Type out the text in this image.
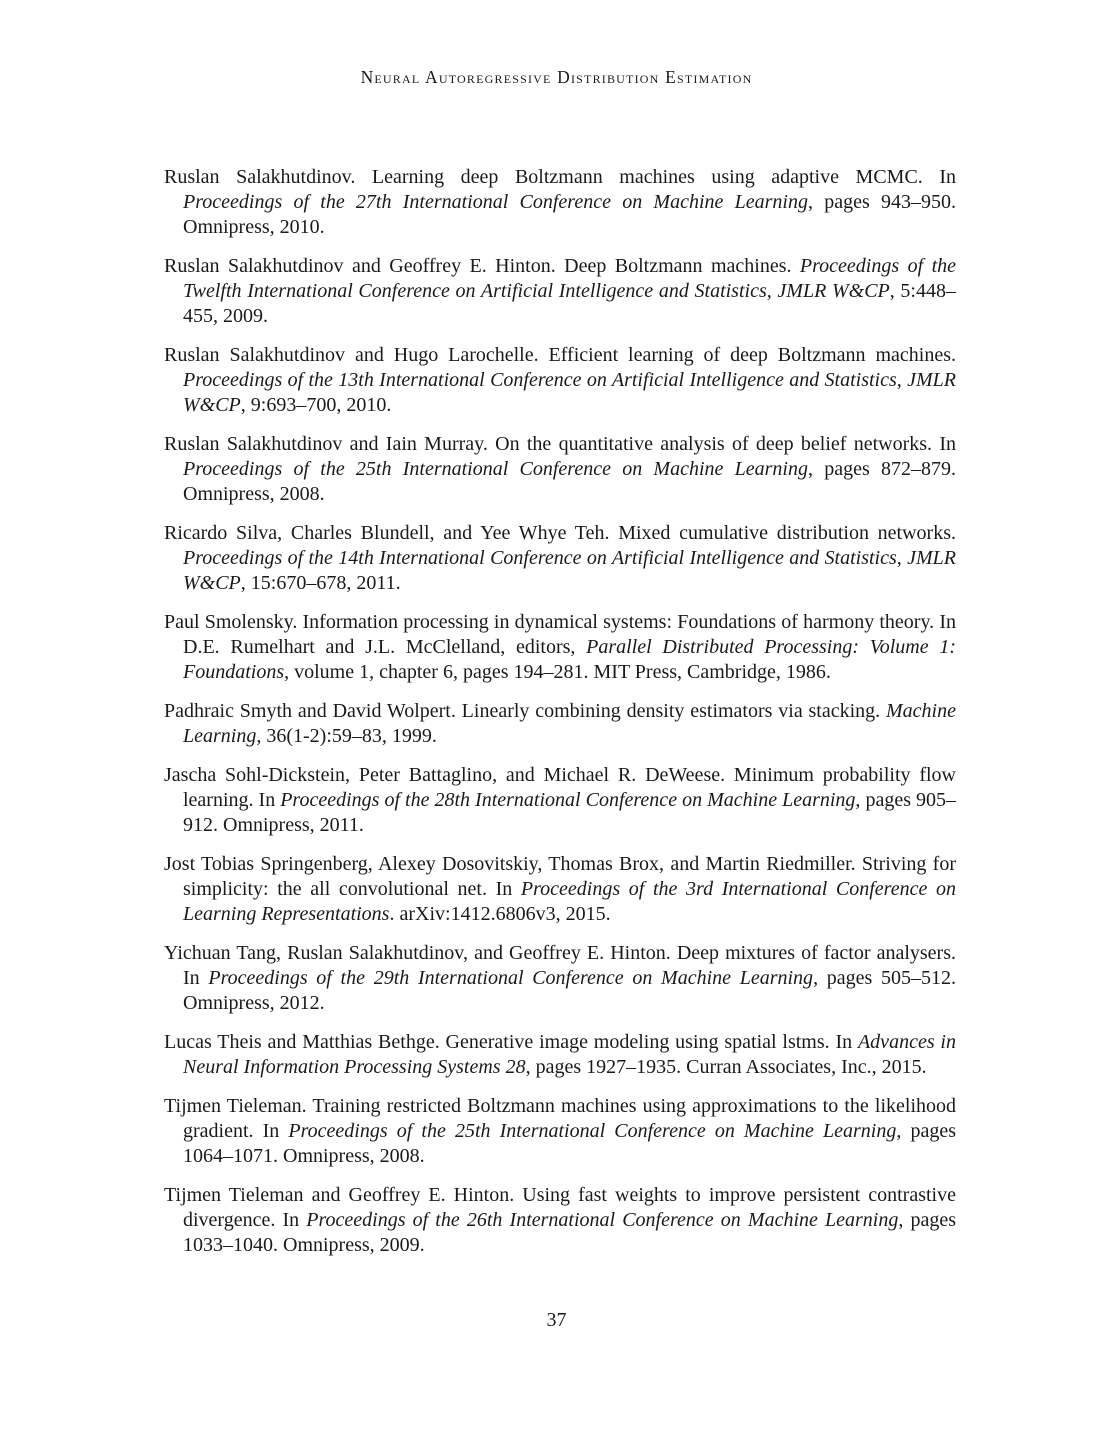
Neural Autoregressive Distribution Estimation

Ruslan Salakhutdinov. Learning deep Boltzmann machines using adaptive MCMC. In Proceedings of the 27th International Conference on Machine Learning, pages 943–950. Omnipress, 2010.

Ruslan Salakhutdinov and Geoffrey E. Hinton. Deep Boltzmann machines. Proceedings of the Twelfth International Conference on Artificial Intelligence and Statistics, JMLR W&CP, 5:448–455, 2009.

Ruslan Salakhutdinov and Hugo Larochelle. Efficient learning of deep Boltzmann machines. Proceedings of the 13th International Conference on Artificial Intelligence and Statistics, JMLR W&CP, 9:693–700, 2010.

Ruslan Salakhutdinov and Iain Murray. On the quantitative analysis of deep belief networks. In Proceedings of the 25th International Conference on Machine Learning, pages 872–879. Omnipress, 2008.

Ricardo Silva, Charles Blundell, and Yee Whye Teh. Mixed cumulative distribution networks. Proceedings of the 14th International Conference on Artificial Intelligence and Statistics, JMLR W&CP, 15:670–678, 2011.

Paul Smolensky. Information processing in dynamical systems: Foundations of harmony theory. In D.E. Rumelhart and J.L. McClelland, editors, Parallel Distributed Processing: Volume 1: Foundations, volume 1, chapter 6, pages 194–281. MIT Press, Cambridge, 1986.

Padhraic Smyth and David Wolpert. Linearly combining density estimators via stacking. Machine Learning, 36(1-2):59–83, 1999.

Jascha Sohl-Dickstein, Peter Battaglino, and Michael R. DeWeese. Minimum probability flow learning. In Proceedings of the 28th International Conference on Machine Learning, pages 905–912. Omnipress, 2011.

Jost Tobias Springenberg, Alexey Dosovitskiy, Thomas Brox, and Martin Riedmiller. Striving for simplicity: the all convolutional net. In Proceedings of the 3rd International Conference on Learning Representations. arXiv:1412.6806v3, 2015.

Yichuan Tang, Ruslan Salakhutdinov, and Geoffrey E. Hinton. Deep mixtures of factor analysers. In Proceedings of the 29th International Conference on Machine Learning, pages 505–512. Omnipress, 2012.

Lucas Theis and Matthias Bethge. Generative image modeling using spatial lstms. In Advances in Neural Information Processing Systems 28, pages 1927–1935. Curran Associates, Inc., 2015.

Tijmen Tieleman. Training restricted Boltzmann machines using approximations to the likelihood gradient. In Proceedings of the 25th International Conference on Machine Learning, pages 1064–1071. Omnipress, 2008.

Tijmen Tieleman and Geoffrey E. Hinton. Using fast weights to improve persistent contrastive divergence. In Proceedings of the 26th International Conference on Machine Learning, pages 1033–1040. Omnipress, 2009.

37
